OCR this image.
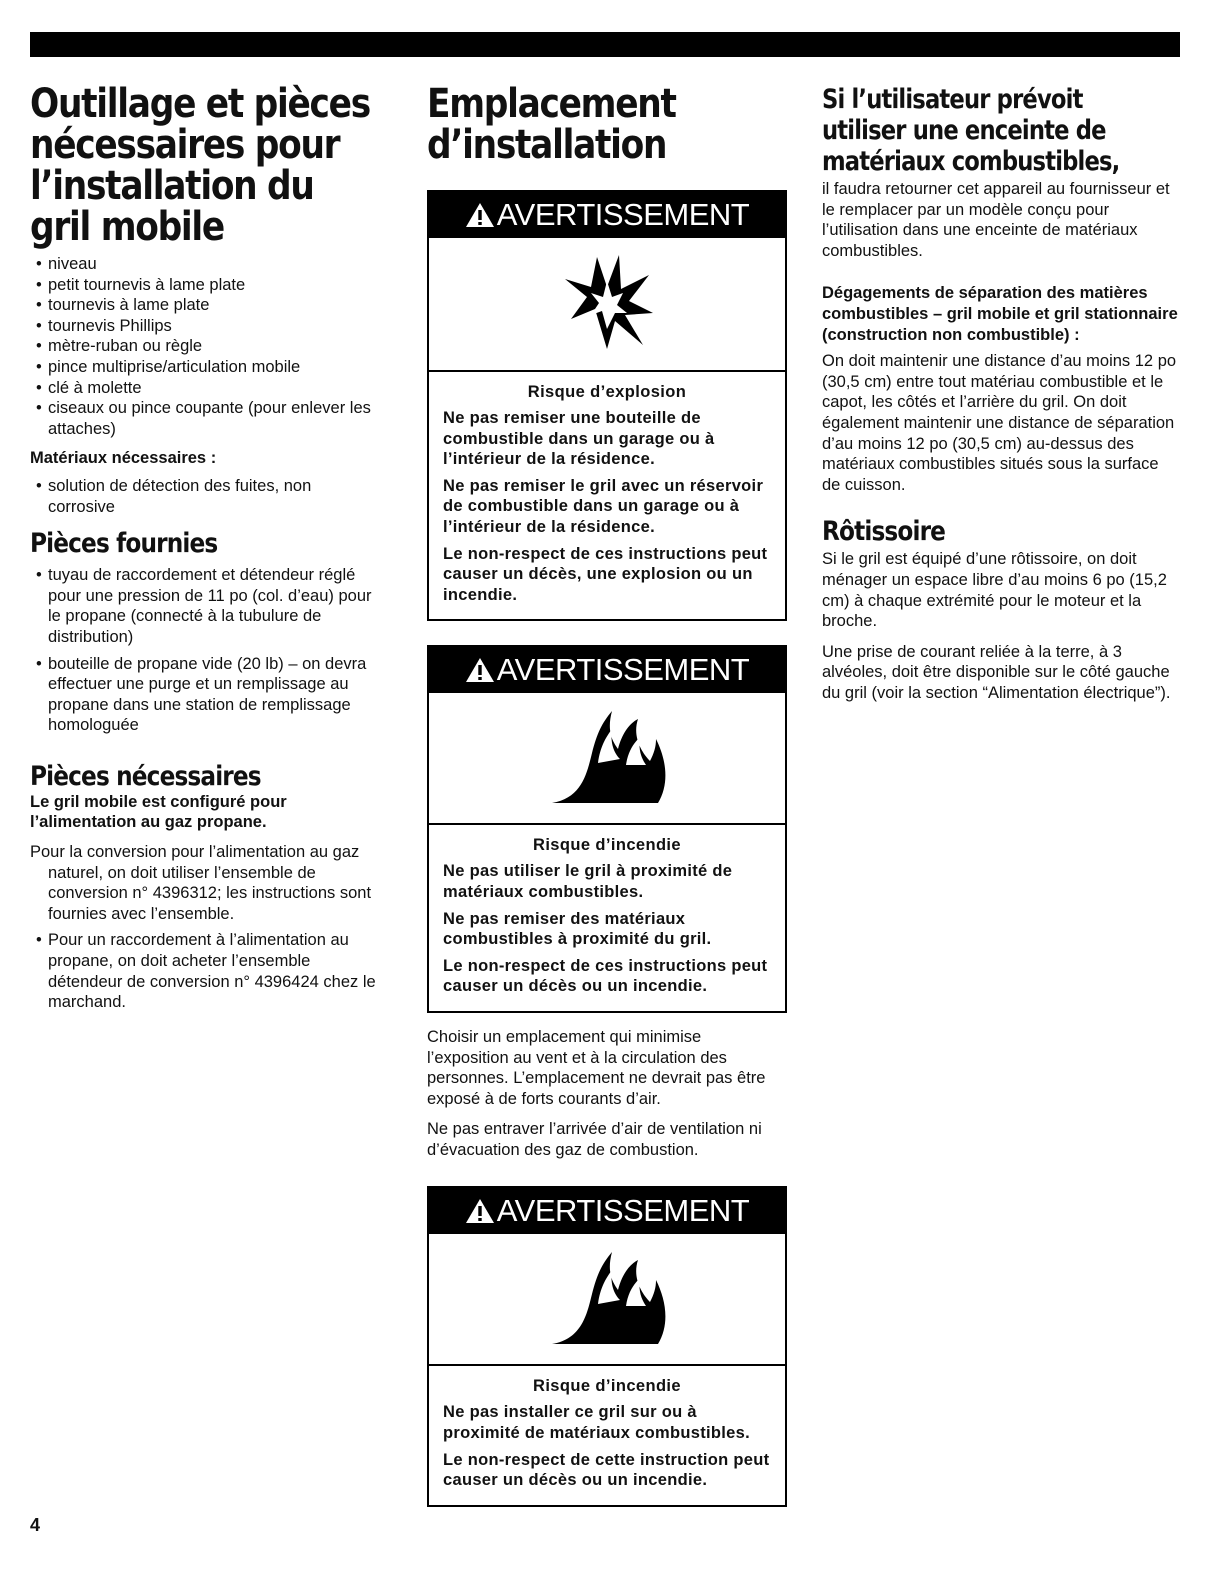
Outillage et pièces nécessaires pour l’installation du gril mobile
• niveau
• petit tournevis à lame plate
• tournevis à lame plate
• tournevis Phillips
• mètre-ruban ou règle
• pince multiprise/articulation mobile
• clé à molette
• ciseaux ou pince coupante (pour enlever les attaches)

Matériaux nécessaires :

• solution de détection des fuites, non corrosive
Pièces fournies
• tuyau de raccordement et détendeur réglé pour une pression de 11 po (col. d’eau) pour le propane (connecté à la tubulure de distribution)
• bouteille de propane vide (20 lb) – on devra effectuer une purge et un remplissage au propane dans une station de remplissage homologuée
Pièces nécessaires

Le gril mobile est configuré pour l’alimentation au gaz propane.

Pour la conversion pour l’alimentation au gaz naturel, on doit utiliser l’ensemble de conversion n° 4396312; les instructions sont fournies avec l’ensemble.

• Pour un raccordement à l’alimentation au propane, on doit acheter l’ensemble détendeur de conversion n° 4396424 chez le marchand.
Emplacement d’installation
AVERTISSEMENT
Risque d’explosion
Ne pas remiser une bouteille de combustible dans un garage ou à l’intérieur de la résidence.
Ne pas remiser le gril avec un réservoir de combustible dans un garage ou à l’intérieur de la résidence.
Le non-respect de ces instructions peut causer un décès, une explosion ou un incendie.
AVERTISSEMENT
Risque d’incendie
Ne pas utiliser le gril à proximité de matériaux combustibles.
Ne pas remiser des matériaux combustibles à proximité du gril.
Le non-respect de ces instructions peut causer un décès ou un incendie.

Choisir un emplacement qui minimise l’exposition au vent et à la circulation des personnes. L’emplacement ne devrait pas être exposé à de forts courants d’air.

Ne pas entraver l’arrivée d’air de ventilation ni d’évacuation des gaz de combustion.

AVERTISSEMENT
Risque d’incendie
Ne pas installer ce gril sur ou à proximité de matériaux combustibles.
Le non-respect de cette instruction peut causer un décès ou un incendie.
Si l’utilisateur prévoit utiliser une enceinte de matériaux combustibles,

il faudra retourner cet appareil au fournisseur et le remplacer par un modèle conçu pour l’utilisation dans une enceinte de matériaux combustibles.

Dégagements de séparation des matières combustibles – gril mobile et gril stationnaire (construction non combustible) :

On doit maintenir une distance d’au moins 12 po (30,5 cm) entre tout matériau combustible et le capot, les côtés et l’arrière du gril. On doit également maintenir une distance de séparation d’au moins 12 po (30,5 cm) au-dessus des matériaux combustibles situés sous la surface de cuisson.

Rôtissoire

Si le gril est équipé d’une rôtissoire, on doit ménager un espace libre d’au moins 6 po (15,2 cm) à chaque extrémité pour le moteur et la broche.

Une prise de courant reliée à la terre, à 3 alvéoles, doit être disponible sur le côté gauche du gril (voir la section “Alimentation électrique”).

4
